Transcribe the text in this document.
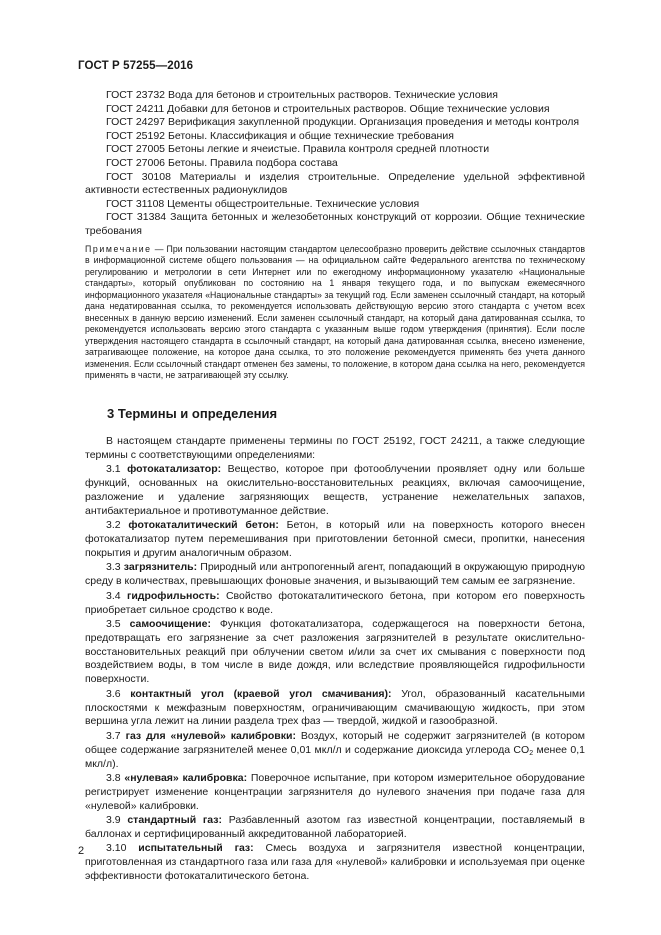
ГОСТ Р 57255—2016
ГОСТ 23732 Вода для бетонов и строительных растворов. Технические условия
ГОСТ 24211 Добавки для бетонов и строительных растворов. Общие технические условия
ГОСТ 24297 Верификация закупленной продукции. Организация проведения и методы контроля
ГОСТ 25192 Бетоны. Классификация и общие технические требования
ГОСТ 27005 Бетоны легкие и ячеистые. Правила контроля средней плотности
ГОСТ 27006 Бетоны. Правила подбора состава
ГОСТ 30108 Материалы и изделия строительные. Определение удельной эффективной активности естественных радионуклидов
ГОСТ 31108 Цементы общестроительные. Технические условия
ГОСТ 31384 Защита бетонных и железобетонных конструкций от коррозии. Общие технические требования
Примечание — При пользовании настоящим стандартом целесообразно проверить действие ссылочных стандартов в информационной системе общего пользования — на официальном сайте Федерального агентства по техническому регулированию и метрологии в сети Интернет или по ежегодному информационному указателю «Национальные стандарты», который опубликован по состоянию на 1 января текущего года, и по выпускам ежемесячного информационного указателя «Национальные стандарты» за текущий год. Если заменен ссылочный стандарт, на который дана недатированная ссылка, то рекомендуется использовать действующую версию этого стандарта с учетом всех внесенных в данную версию изменений. Если заменен ссылочный стандарт, на который дана датированная ссылка, то рекомендуется использовать версию этого стандарта с указанным выше годом утверждения (принятия). Если после утверждения настоящего стандарта в ссылочный стандарт, на который дана датированная ссылка, внесено изменение, затрагивающее положение, на которое дана ссылка, то это положение рекомендуется применять без учета данного изменения. Если ссылочный стандарт отменен без замены, то положение, в котором дана ссылка на него, рекомендуется применять в части, не затрагивающей эту ссылку.
3 Термины и определения

В настоящем стандарте применены термины по ГОСТ 25192, ГОСТ 24211, а также следующие термины с соответствующими определениями:

3.1 фотокатализатор: Вещество, которое при фотооблучении проявляет одну или больше функций, основанных на окислительно-восстановительных реакциях, включая самоочищение, разложение и удаление загрязняющих веществ, устранение нежелательных запахов, антибактериальное и противотуманное действие.

3.2 фотокаталитический бетон: Бетон, в который или на поверхность которого внесен фотокатализатор путем перемешивания при приготовлении бетонной смеси, пропитки, нанесения покрытия и другим аналогичным образом.

3.3 загрязнитель: Природный или антропогенный агент, попадающий в окружающую природную среду в количествах, превышающих фоновые значения, и вызывающий тем самым ее загрязнение.

3.4 гидрофильность: Свойство фотокаталитического бетона, при котором его поверхность приобретает сильное сродство к воде.

3.5 самоочищение: Функция фотокатализатора, содержащегося на поверхности бетона, предотвращать его загрязнение за счет разложения загрязнителей в результате окислительно-восстановительных реакций при облучении светом и/или за счет их смывания с поверхности под воздействием воды, в том числе в виде дождя, или вследствие проявляющейся гидрофильности поверхности.

3.6 контактный угол (краевой угол смачивания): Угол, образованный касательными плоскостями к межфазным поверхностям, ограничивающим смачивающую жидкость, при этом вершина угла лежит на линии раздела трех фаз — твердой, жидкой и газообразной.

3.7 газ для «нулевой» калибровки: Воздух, который не содержит загрязнителей (в котором общее содержание загрязнителей менее 0,01 мкл/л и содержание диоксида углерода $CO_2$ менее 0,1 мкл/л).

3.8 «нулевая» калибровка: Поверочное испытание, при котором измерительное оборудование регистрирует изменение концентрации загрязнителя до нулевого значения при подаче газа для «нулевой» калибровки.

3.9 стандартный газ: Разбавленный азотом газ известной концентрации, поставляемый в баллонах и сертифицированный аккредитованной лабораторией.

3.10 испытательный газ: Смесь воздуха и загрязнителя известной концентрации, приготовленная из стандартного газа или газа для «нулевой» калибровки и используемая при оценке эффективности фотокаталитического бетона.

2
